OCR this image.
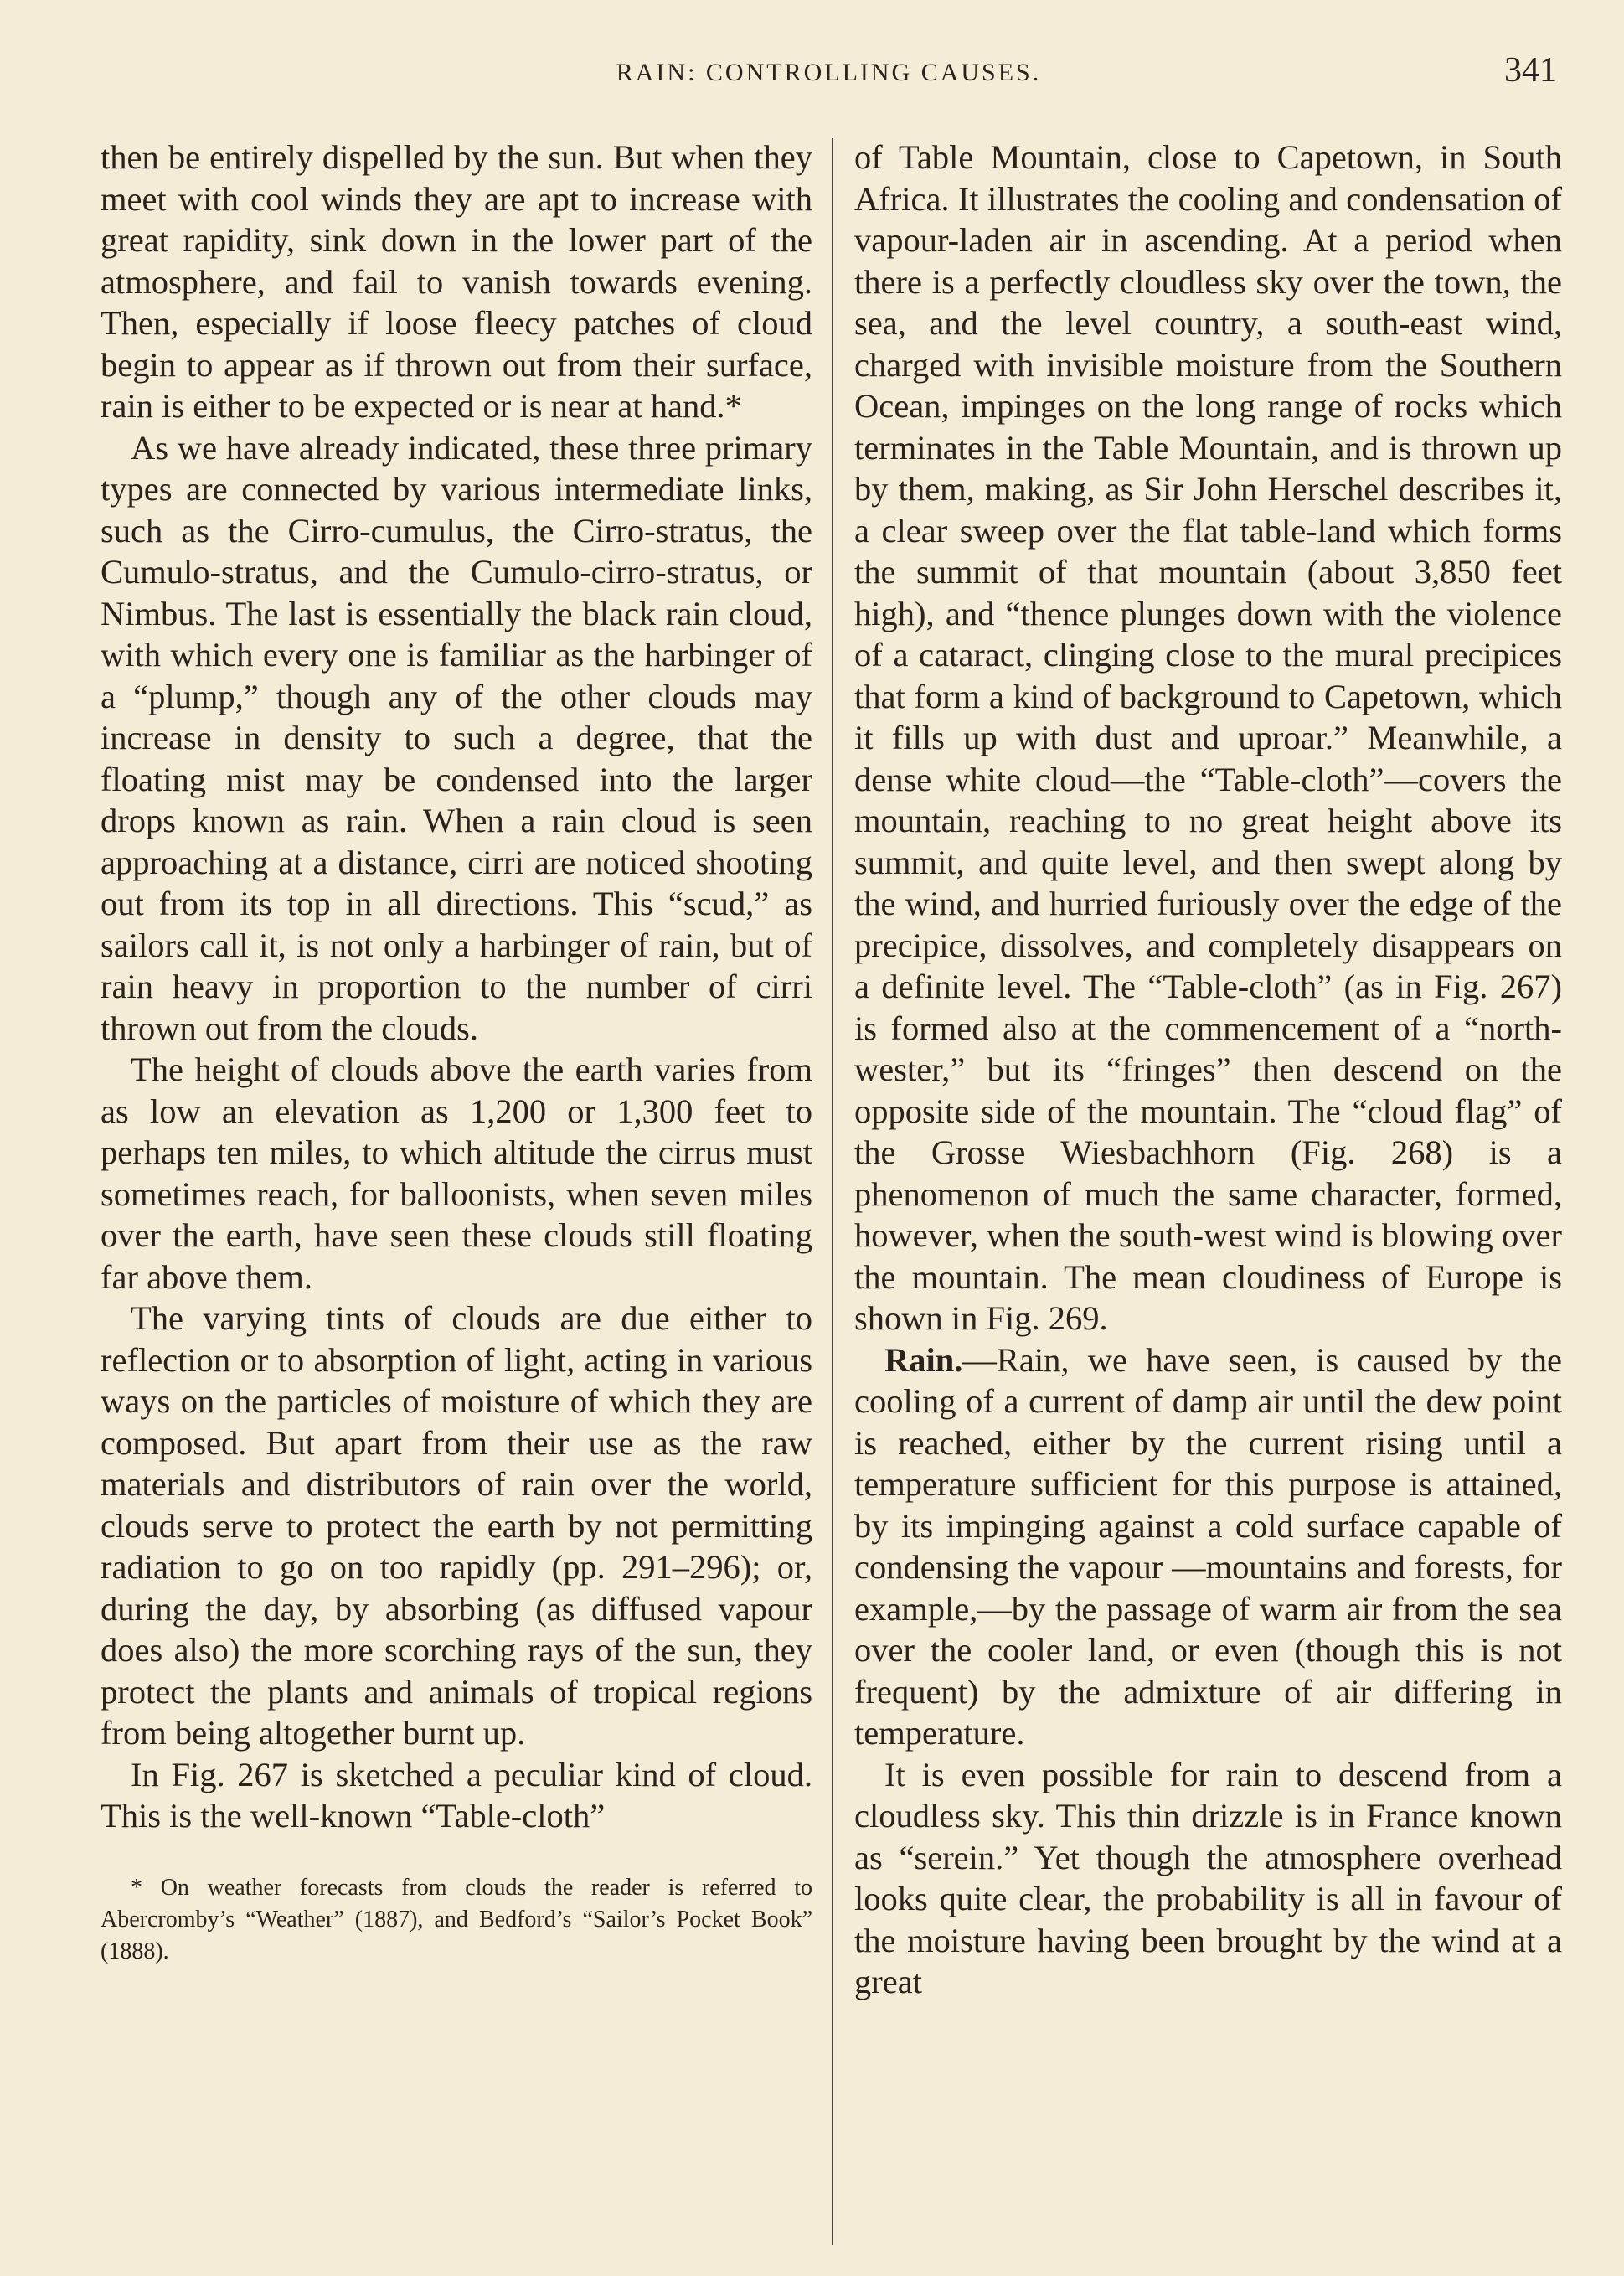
RAIN: CONTROLLING CAUSES.	341

then be entirely dispelled by the sun. But when they meet with cool winds they are apt to increase with great rapidity, sink down in the lower part of the atmosphere, and fail to vanish towards evening. Then, especially if loose fleecy patches of cloud begin to appear as if thrown out from their surface, rain is either to be expected or is near at hand.*

As we have already indicated, these three primary types are connected by various intermediate links, such as the Cirro-cumulus, the Cirro-stratus, the Cumulo-stratus, and the Cumulo-cirro-stratus, or Nimbus. The last is essentially the black rain cloud, with which every one is familiar as the harbinger of a “plump,” though any of the other clouds may increase in density to such a degree, that the floating mist may be condensed into the larger drops known as rain. When a rain cloud is seen approaching at a distance, cirri are noticed shooting out from its top in all directions. This “scud,” as sailors call it, is not only a harbinger of rain, but of rain heavy in proportion to the number of cirri thrown out from the clouds.

The height of clouds above the earth varies from as low an elevation as 1,200 or 1,300 feet to perhaps ten miles, to which altitude the cirrus must sometimes reach, for balloonists, when seven miles over the earth, have seen these clouds still floating far above them.

The varying tints of clouds are due either to reflection or to absorption of light, acting in various ways on the particles of moisture of which they are composed. But apart from their use as the raw materials and distributors of rain over the world, clouds serve to protect the earth by not permitting radiation to go on too rapidly (pp. 291–296); or, during the day, by absorbing (as diffused vapour does also) the more scorching rays of the sun, they protect the plants and animals of tropical regions from being altogether burnt up.

In Fig. 267 is sketched a peculiar kind of cloud. This is the well-known “Table-cloth”

* On weather forecasts from clouds the reader is referred to Abercromby’s “Weather” (1887), and Bedford’s “Sailor’s Pocket Book” (1888).

of Table Mountain, close to Capetown, in South Africa. It illustrates the cooling and condensation of vapour-laden air in ascending. At a period when there is a perfectly cloudless sky over the town, the sea, and the level country, a south-east wind, charged with invisible moisture from the Southern Ocean, impinges on the long range of rocks which terminates in the Table Mountain, and is thrown up by them, making, as Sir John Herschel describes it, a clear sweep over the flat table-land which forms the summit of that mountain (about 3,850 feet high), and “thence plunges down with the violence of a cataract, clinging close to the mural precipices that form a kind of background to Capetown, which it fills up with dust and uproar.” Meanwhile, a dense white cloud—the “Table-cloth”—covers the mountain, reaching to no great height above its summit, and quite level, and then swept along by the wind, and hurried furiously over the edge of the precipice, dissolves, and completely disappears on a definite level. The “Table-cloth” (as in Fig. 267) is formed also at the commencement of a “north-wester,” but its “fringes” then descend on the opposite side of the mountain. The “cloud flag” of the Grosse Wiesbachhorn (Fig. 268) is a phenomenon of much the same character, formed, however, when the south-west wind is blowing over the mountain. The mean cloudiness of Europe is shown in Fig. 269.

Rain.—Rain, we have seen, is caused by the cooling of a current of damp air until the dew point is reached, either by the current rising until a temperature sufficient for this purpose is attained, by its impinging against a cold surface capable of condensing the vapour —mountains and forests, for example,—by the passage of warm air from the sea over the cooler land, or even (though this is not frequent) by the admixture of air differing in temperature.

It is even possible for rain to descend from a cloudless sky. This thin drizzle is in France known as “serein.” Yet though the atmosphere overhead looks quite clear, the probability is all in favour of the moisture having been brought by the wind at a great
